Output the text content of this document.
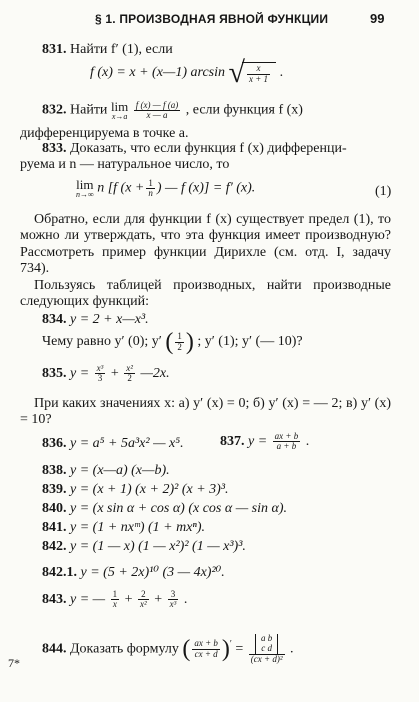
§ 1. ПРОИЗВОДНАЯ ЯВНОЙ ФУНКЦИИ	99
831. Найти f′ (1), если
f (x) = x + (x—1) arcsin √ $\frac{x}{x + 1}$ .
832. Найти lim
x→a
$\frac{f (x) — f (a)}{x — a}$ , если функция f (x)
дифференцируема в точке a.
833. Доказать, что если функция f (x) дифференци-
руема и n — натуральное число, то
lim
n→∞ n [f ($x + \frac{1}{n}$ ) — f (x)] = f′ (x).	(1)
Обратно, если для функции f (x) существует предел (1), то можно ли утверждать, что эта функция имеет производную? Рассмотреть пример функции Дирихле (см. отд. I, задачу 734).
Пользуясь таблицей производных, найти производные следующих функций:
834. y = 2 + x—x³.
Чему равно y′ (0); y′ ( $\frac{1}{2}$ ) ; y′ (1); y′ (— 10)?
835. $y = \frac{\text{x³}}{3} + \frac{\text{x²}}{2}$ —2x.
При каких значениях x: а) y′ (x) = 0; б) y′ (x) = — 2; в) y′ (x) = 10?
836. y = a⁵ + 5a³x² — x⁵.	837. $y = \frac{ax + b}{a + b}$ .
838. y = (x—a) (x—b).
839. y = (x + 1) (x + 2)² (x + 3)³.
840. y = (x sin α + cos α) (x cos α — sin α).
841. y = (1 + nxᵐ) (1 + mxⁿ).
842. y = (1 — x) (1 — x²)² (1 — x³)³.
842.1. y = (5 + 2x)¹⁰ (3 — 4x)²⁰.
843. y = — $\frac{1}{x} + \frac{2}{\text{x²}} + \frac{3}{\text{x³}}$ .
844. Доказать формулу ( $\frac{ax + b}{cx + d} )' = a$ b
c d
(cx + d)² .
7*
